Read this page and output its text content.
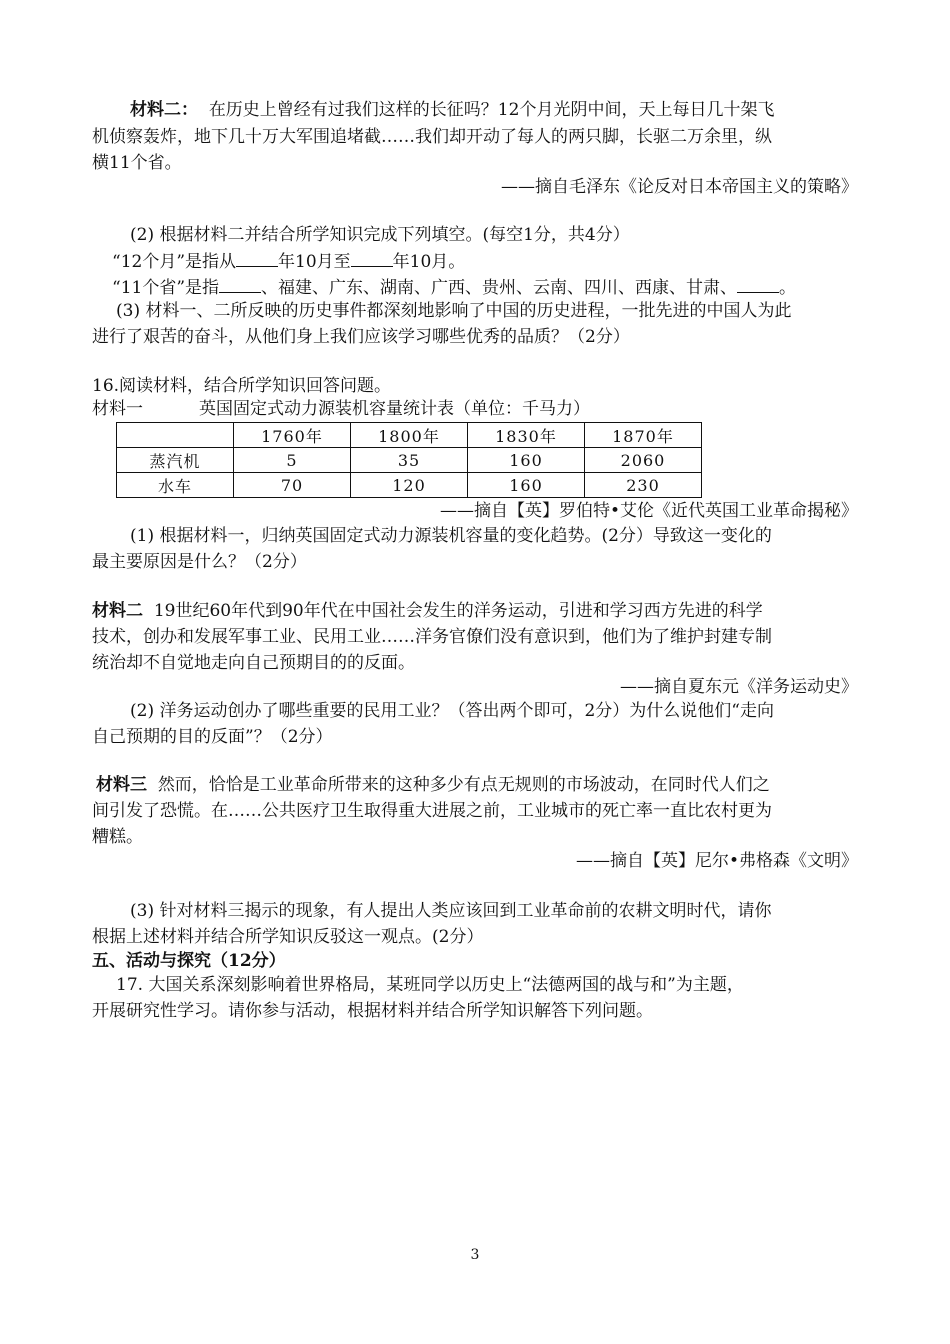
材料二： 在历史上曾经有过我们这样的长征吗？12个月光阴中间，天上每日几十架飞
机侦察轰炸，地下几十万大军围追堵截……我们却开动了每人的两只脚，长驱二万余里，纵
横11个省。
——摘自毛泽东《论反对日本帝国主义的策略》
(2) 根据材料二并结合所学知识完成下列填空。(每空1分，共4分）
“12个月”是指从 年10月至 年10月。
“11个省”是指 、福建、广东、湖南、广西、贵州、云南、四川、西康、甘肃、 。
(3) 材料一、二所反映的历史事件都深刻地影响了中国的历史进程，一批先进的中国人为此
进行了艰苦的奋斗，从他们身上我们应该学习哪些优秀的品质？（2分）
16.阅读材料，结合所学知识回答问题。
材料一	英国固定式动力源装机容量统计表（单位：千马力）
	1760年	1800年	1830年	1870年
蒸汽机	5	35	160	2060
水车	70	120	160	230
——摘自【英】罗伯特•艾伦《近代英国工业革命揭秘》
(1) 根据材料一，归纳英国固定式动力源装机容量的变化趋势。(2分）导致这一变化的
最主要原因是什么？（2分）
材料二 19世纪60年代到90年代在中国社会发生的洋务运动，引进和学习西方先进的科学
技术，创办和发展军事工业、民用工业……洋务官僚们没有意识到，他们为了维护封建专制
统治却不自觉地走向自己预期目的的反面。
——摘自夏东元《洋务运动史》
(2) 洋务运动创办了哪些重要的民用工业？（答出两个即可，2分）为什么说他们“走向
自己预期的目的反面”？（2分）
材料三 然而，恰恰是工业革命所带来的这种多少有点无规则的市场波动，在同时代人们之
间引发了恐慌。在……公共医疗卫生取得重大进展之前，工业城市的死亡率一直比农村更为
糟糕。
——摘自【英】尼尔•弗格森《文明》
(3) 针对材料三揭示的现象，有人提出人类应该回到工业革命前的农耕文明时代，请你
根据上述材料并结合所学知识反驳这一观点。(2分）
五、活动与探究（12分）
17. 大国关系深刻影响着世界格局，某班同学以历史上“法德两国的战与和”为主题，
开展研究性学习。请你参与活动，根据材料并结合所学知识解答下列问题。
3
